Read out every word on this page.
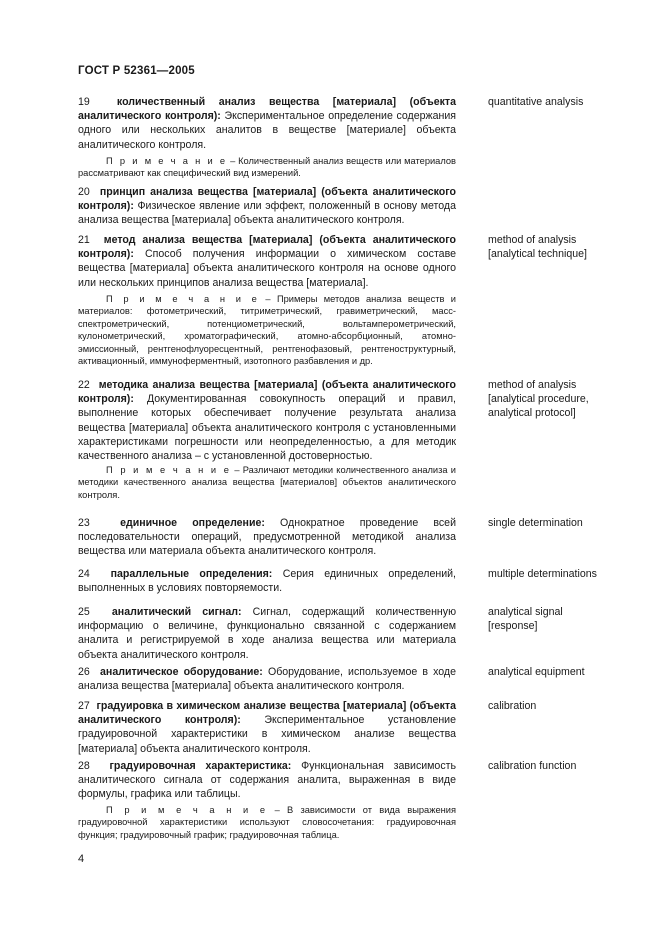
ГОСТ Р 52361—2005
19	количественный анализ вещества [материала] (объекта аналитического контроля): Экспериментальное определение содержания одного или нескольких аналитов в веществе [материале] объекта аналитического контроля.
quantitative analysis
П р и м е ч а н и е – Количественный анализ веществ или материалов рассматривают как специфический вид измерений.
20 принцип анализа вещества [материала] (объекта аналитического контроля): Физическое явление или эффект, положенный в основу метода анализа вещества [материала] объекта аналитического контроля.
21 метод анализа вещества [материала] (объекта аналитического контроля): Способ получения информации о химическом составе вещества [материала] объекта аналитического контроля на основе одного или нескольких принципов анализа вещества [материала].
method of analysis
[analytical technique]
П р и м е ч а н и е – Примеры методов анализа веществ и материалов: фотометрический, титриметрический, гравиметрический, масс-спектрометрический, потенциометрический, вольтамперометрический, кулонометрический, хроматографический, атомно-абсорбционный, атомно-эмиссионный, рентгенофлуоресцентный, рентгенофазовый, рентгеноструктурный, активационный, иммуноферментный, изотопного разбавления и др.
22 методика анализа вещества [материала] (объекта аналитического контроля): Документированная совокупность операций и правил, выполнение которых обеспечивает получение результата анализа вещества [материала] объекта аналитического контроля с установленными характеристиками погрешности или неопределенностью, а для методик качественного анализа – с установленной достоверностью.
method of analysis
[analytical procedure,
analytical protocol]
П р и м е ч а н и е – Различают методики количественного анализа и методики качественного анализа вещества [материалов] объектов аналитического контроля.
23	единичное определение: Однократное проведение всей последовательности операций, предусмотренной методикой анализа вещества или материала объекта аналитического контроля.
single determination
24 параллельные определения: Серия единичных определений, выполненных в условиях повторяемости.
multiple determinations
25 аналитический сигнал: Сигнал, содержащий количественную информацию о величине, функционально связанной с содержанием аналита и регистрируемой в ходе анализа вещества или материала объекта аналитического контроля.
analytical signal
[response]
26 аналитическое оборудование: Оборудование, используемое в ходе анализа вещества [материала] объекта аналитического контроля.
analytical equipment
27 градуировка в химическом анализе вещества [материала] (объекта аналитического контроля): Экспериментальное установление градуировочной характеристики в химическом анализе вещества [материала] объекта аналитического контроля.
calibration
28 градуировочная характеристика: Функциональная зависимость аналитического сигнала от содержания аналита, выраженная в виде формулы, графика или таблицы.
calibration function
П р и м е ч а н и е – В зависимости от вида выражения градуировочной характеристики используют словосочетания: градуировочная функция; градуировочный график; градуировочная таблица.
4
